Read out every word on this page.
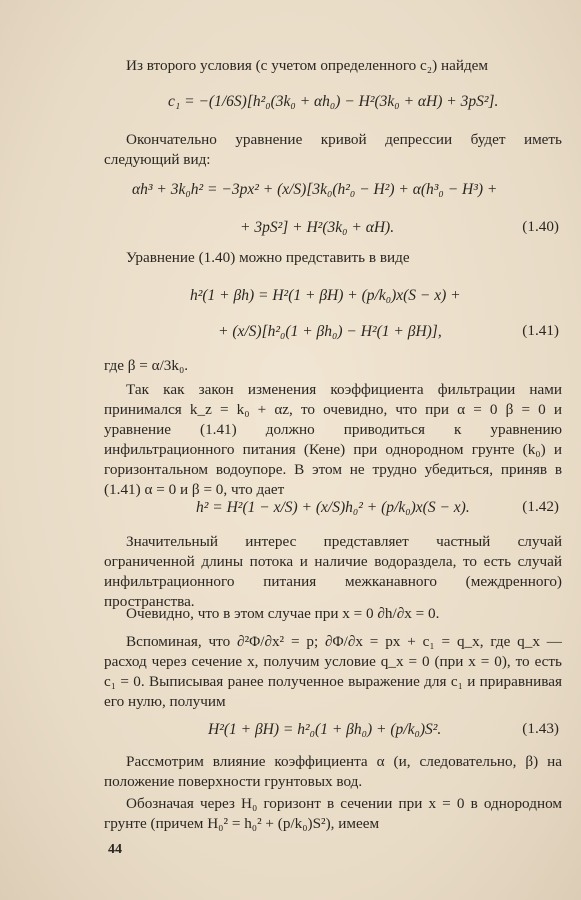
Из второго условия (с учетом определенного c₂) найдем

c₁ = −(1/6S)[h²₀(3k₀ + αh₀) − H²(3k₀ + αH) + 3pS²].

Окончательно уравнение кривой депрессии будет иметь следующий вид:

αh³ + 3k₀h² = −3px² + (x/S)[3k₀(h²₀ − H²) + α(h³₀ − H³) +
+ 3pS²] + H²(3k₀ + αH).	(1.40)

Уравнение (1.40) можно представить в виде

h²(1 + βh) = H²(1 + βH) + (p/k₀)x(S − x) +
+ (x/S)[h²₀(1 + βh₀) − H²(1 + βH)],	(1.41)

где β = α/3k₀.

Так как закон изменения коэффициента фильтрации нами принимался k_z = k₀ + αz, то очевидно, что при α = 0 β = 0 и уравнение (1.41) должно приводиться к уравнению инфильтрационного питания (Кене) при однородном грунте (k₀) и горизонтальном водоупоре. В этом не трудно убедиться, приняв в (1.41) α = 0 и β = 0, что дает

h² = H²(1 − x/S) + (x/S)h₀² + (p/k₀)x(S − x).	(1.42)

Значительный интерес представляет частный случай ограниченной длины потока и наличие водораздела, то есть случай инфильтрационного питания межканавного (междренного) пространства.

Очевидно, что в этом случае при x = 0 ∂h/∂x = 0.

Вспоминая, что ∂²Φ/∂x² = p; ∂Φ/∂x = px + c₁ = q_x, где q_x — расход через сечение x, получим условие q_x = 0 (при x = 0), то есть c₁ = 0. Выписывая ранее полученное выражение для c₁ и приравнивая его нулю, получим

H²(1 + βH) = h²₀(1 + βh₀) + (p/k₀)S².	(1.43)

Рассмотрим влияние коэффициента α (и, следовательно, β) на положение поверхности грунтовых вод.

Обозначая через H₀ горизонт в сечении при x = 0 в однородном грунте (причем H₀² = h₀² + (p/k₀)S²), имеем

44
